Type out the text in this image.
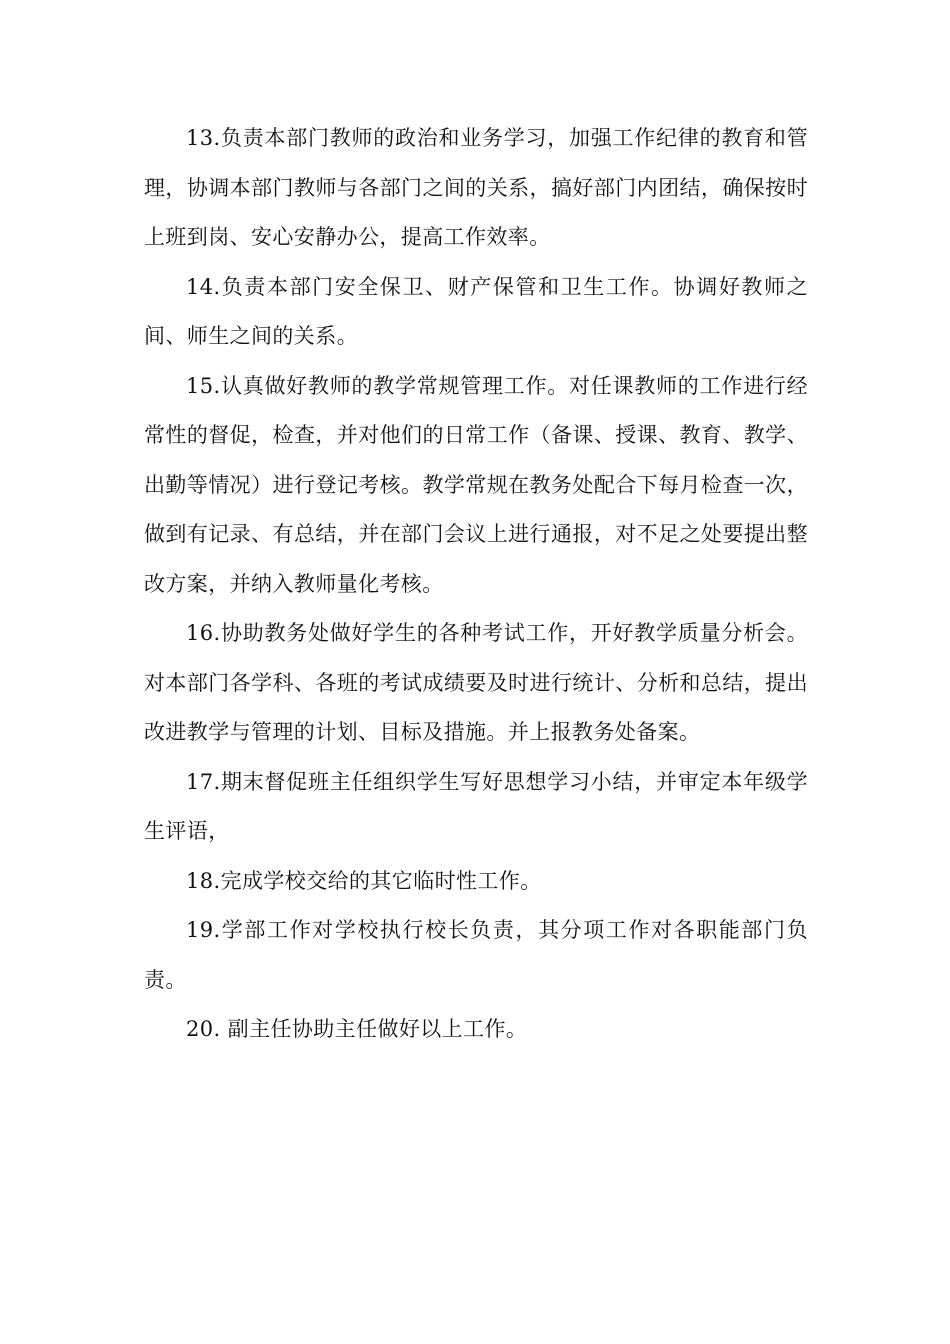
13.负责本部门教师的政治和业务学习，加强工作纪律的教育和管理，协调本部门教师与各部门之间的关系，搞好部门内团结，确保按时上班到岗、安心安静办公，提高工作效率。

14.负责本部门安全保卫、财产保管和卫生工作。协调好教师之间、师生之间的关系。

15.认真做好教师的教学常规管理工作。对任课教师的工作进行经常性的督促，检查，并对他们的日常工作（备课、授课、教育、教学、出勤等情况）进行登记考核。教学常规在教务处配合下每月检查一次，做到有记录、有总结，并在部门会议上进行通报，对不足之处要提出整改方案，并纳入教师量化考核。

16.协助教务处做好学生的各种考试工作，开好教学质量分析会。对本部门各学科、各班的考试成绩要及时进行统计、分析和总结，提出改进教学与管理的计划、目标及措施。并上报教务处备案。

17.期末督促班主任组织学生写好思想学习小结，并审定本年级学生评语，

18.完成学校交给的其它临时性工作。

19.学部工作对学校执行校长负责，其分项工作对各职能部门负责。

20. 副主任协助主任做好以上工作。
